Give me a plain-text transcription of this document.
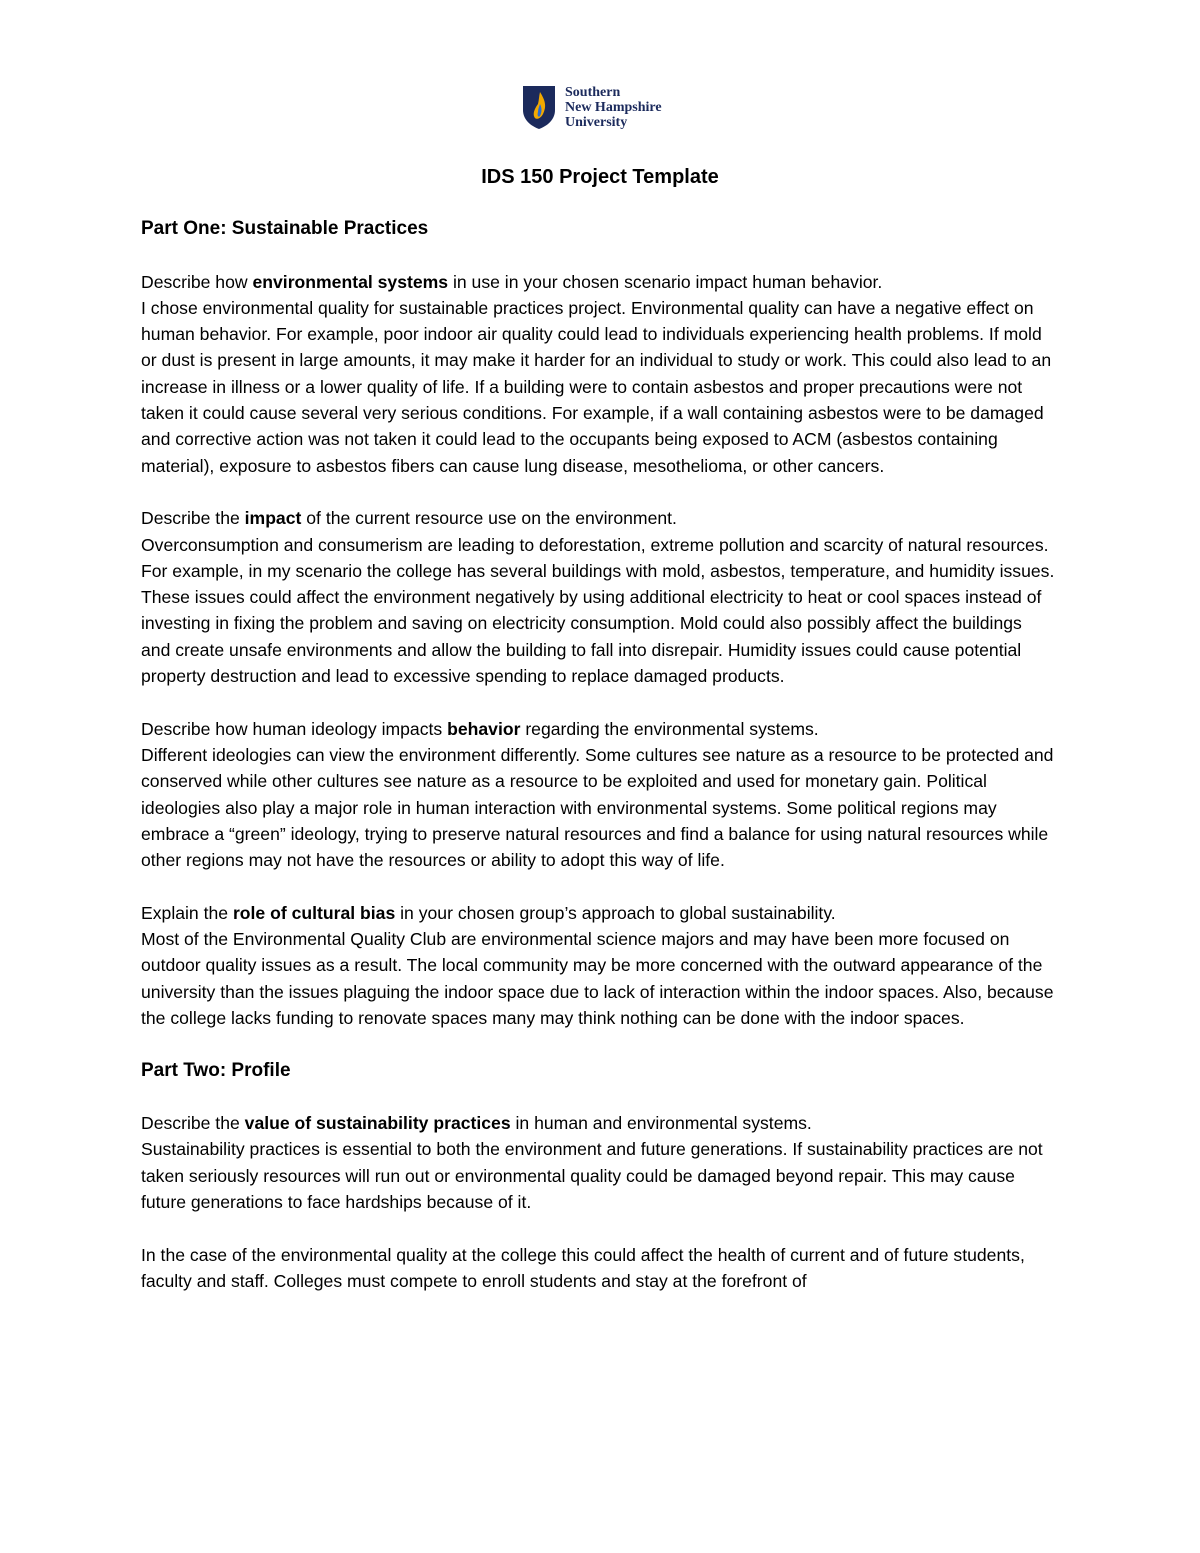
Southern
New Hampshire
University
IDS 150 Project Template
Part One: Sustainable Practices

Describe how environmental systems in use in your chosen scenario impact human behavior.
I chose environmental quality for sustainable practices project. Environmental quality can have a negative effect on human behavior. For example, poor indoor air quality could lead to individuals experiencing health problems. If mold or dust is present in large amounts, it may make it harder for an individual to study or work. This could also lead to an increase in illness or a lower quality of life. If a building were to contain asbestos and proper precautions were not taken it could cause several very serious conditions. For example, if a wall containing asbestos were to be damaged and corrective action was not taken it could lead to the occupants being exposed to ACM (asbestos containing material), exposure to asbestos fibers can cause lung disease, mesothelioma, or other cancers.

Describe the impact of the current resource use on the environment.
Overconsumption and consumerism are leading to deforestation, extreme pollution and scarcity of natural resources. For example, in my scenario the college has several buildings with mold, asbestos, temperature, and humidity issues. These issues could affect the environment negatively by using additional electricity to heat or cool spaces instead of investing in fixing the problem and saving on electricity consumption. Mold could also possibly affect the buildings and create unsafe environments and allow the building to fall into disrepair. Humidity issues could cause potential property destruction and lead to excessive spending to replace damaged products.

Describe how human ideology impacts behavior regarding the environmental systems.
Different ideologies can view the environment differently. Some cultures see nature as a resource to be protected and conserved while other cultures see nature as a resource to be exploited and used for monetary gain. Political ideologies also play a major role in human interaction with environmental systems. Some political regions may embrace a “green” ideology, trying to preserve natural resources and find a balance for using natural resources while other regions may not have the resources or ability to adopt this way of life.

Explain the role of cultural bias in your chosen group’s approach to global sustainability.
Most of the Environmental Quality Club are environmental science majors and may have been more focused on outdoor quality issues as a result. The local community may be more concerned with the outward appearance of the university than the issues plaguing the indoor space due to lack of interaction within the indoor spaces. Also, because the college lacks funding to renovate spaces many may think nothing can be done with the indoor spaces.

Part Two: Profile

Describe the value of sustainability practices in human and environmental systems.
Sustainability practices is essential to both the environment and future generations. If sustainability practices are not taken seriously resources will run out or environmental quality could be damaged beyond repair. This may cause future generations to face hardships because of it.

In the case of the environmental quality at the college this could affect the health of current and of future students, faculty and staff. Colleges must compete to enroll students and stay at the forefront of
